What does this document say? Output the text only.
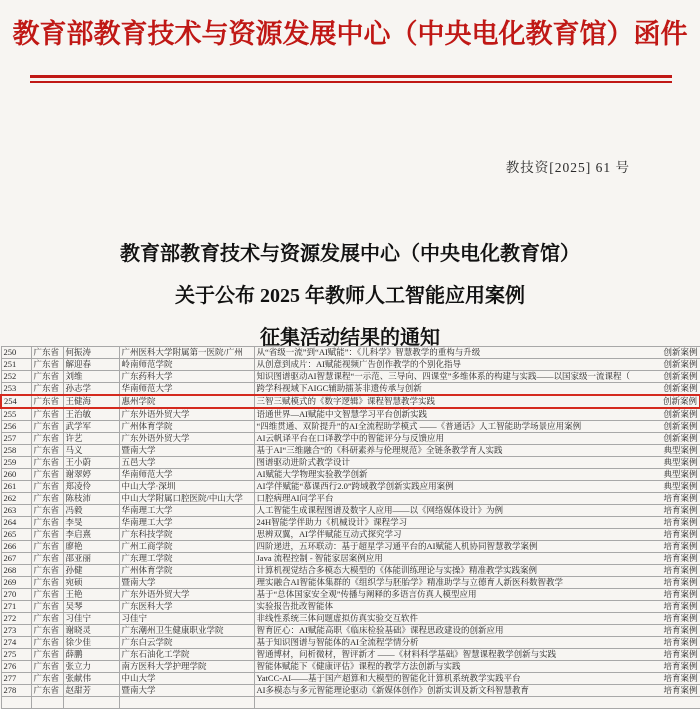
教育部教育技术与资源发展中心（中央电化教育馆）函件
教技资[2025] 61 号
教育部教育技术与资源发展中心（中央电化教育馆）
关于公布 2025 年教师人工智能应用案例
征集活动结果的通知
250	广东省	何振涛	广州医科大学附属第一医院/广州	从“省级一流”到“AI赋能”：《儿科学》智慧教学的重构与升级	创新案例
251	广东省	解迎春	岭南师范学院	从创意到成片：AI赋能视频广告创作教学的个别化指导	创新案例
252	广东省	刘维	广东药科大学	知识图谱驱动AI智慧课程“一示范、三导向、四课堂”多维体系的构建与实践——以国家级一流课程（	创新案例
253	广东省	孙志学	华南师范大学	跨学科视域下AIGC辅助擂茶非遗传承与创新	创新案例
254	广东省	王健海	惠州学院	三智三赋模式的《数字逻辑》课程智慧教学实践	创新案例
255	广东省	王治敏	广东外语外贸大学	语通世界—AI赋能中文智慧学习平台创新实践	创新案例
256	广东省	武学军	广州体育学院	“四维贯通、双阶提升”的AI全流程助学模式 ——《普通话》人工智能助学场景应用案例	创新案例
257	广东省	许艺	广东外语外贸大学	AI云帆译平台在口译教学中的智能评分与反馈应用	创新案例
258	广东省	马义	暨南大学	基于AI“三维融合”的《科研素养与伦理规范》全链条教学育人实践	典型案例
259	广东省	王小蔚	五邑大学	图谱驱动进阶式教学设计	典型案例
260	广东省	谢翠婷	华南师范大学	AI赋能大学物理实验教学创新	典型案例
261	广东省	郑凌伶	中山大学·深圳	AI学伴赋能“慕课西行2.0”跨域教学创新实践应用案例	典型案例
262	广东省	陈枝沛	中山大学附属口腔医院/中山大学	口腔病理AI问学平台	培育案例
263	广东省	冯毅	华南理工大学	人工智能生成课程图谱及数字人应用——以《网络媒体设计》为例	培育案例
264	广东省	李旻	华南理工大学	24H智能学伴助力《机械设计》课程学习	培育案例
265	广东省	李启熹	广东科技学院	思辨双翼，AI学伴赋能互动式探究学习	培育案例
266	广东省	廖艳	广州工商学院	四阶递进，五环联动：基于超星学习通平台的AI赋能人机协同智慧教学案例	培育案例
267	广东省	邵亚丽	广东理工学院	Java 流程控制 - 智能家居案例应用	培育案例
268	广东省	孙健	广州体育学院	计算机视觉结合多模态大模型的《体能训练理论与实操》精准教学实践案例	培育案例
269	广东省	宛硕	暨南大学	理实融合AI智能体集群的《组织学与胚胎学》精准助学与立德育人新医科数智教学	培育案例
270	广东省	王艳	广东外语外贸大学	基于“总体国家安全观”传播与阐释的多语言仿真人模型应用	培育案例
271	广东省	吴琴	广东医科大学	实验报告批改智能体	培育案例
272	广东省	习佳宁	习佳宁	非线性系统三体问题虚拟仿真实验交互软件	培育案例
273	广东省	谢晓灵	广东潮州卫生健康职业学院	智育匠心：AI赋能高职《临床检验基础》课程思政建设的创新应用	培育案例
274	广东省	徐少佳	广东白云学院	基于知识图谱与智能体的AI全流程学情分析	培育案例
275	广东省	薛鹏	广东石油化工学院	智通博材，问析微材，智评新才 ——《材料科学基础》智慧课程教学创新与实践	培育案例
276	广东省	张立力	南方医科大学护理学院	智能体赋能下《健康评估》课程的教学方法创新与实践	培育案例
277	广东省	张献伟	中山大学	YatCC-AI——基于国产超算和大模型的智能化计算机系统教学实践平台	培育案例
278	广东省	赵甜芳	暨南大学	AI多模态与多元智能理论驱动《新媒体创作》创新实训及新文科智慧教育	培育案例
